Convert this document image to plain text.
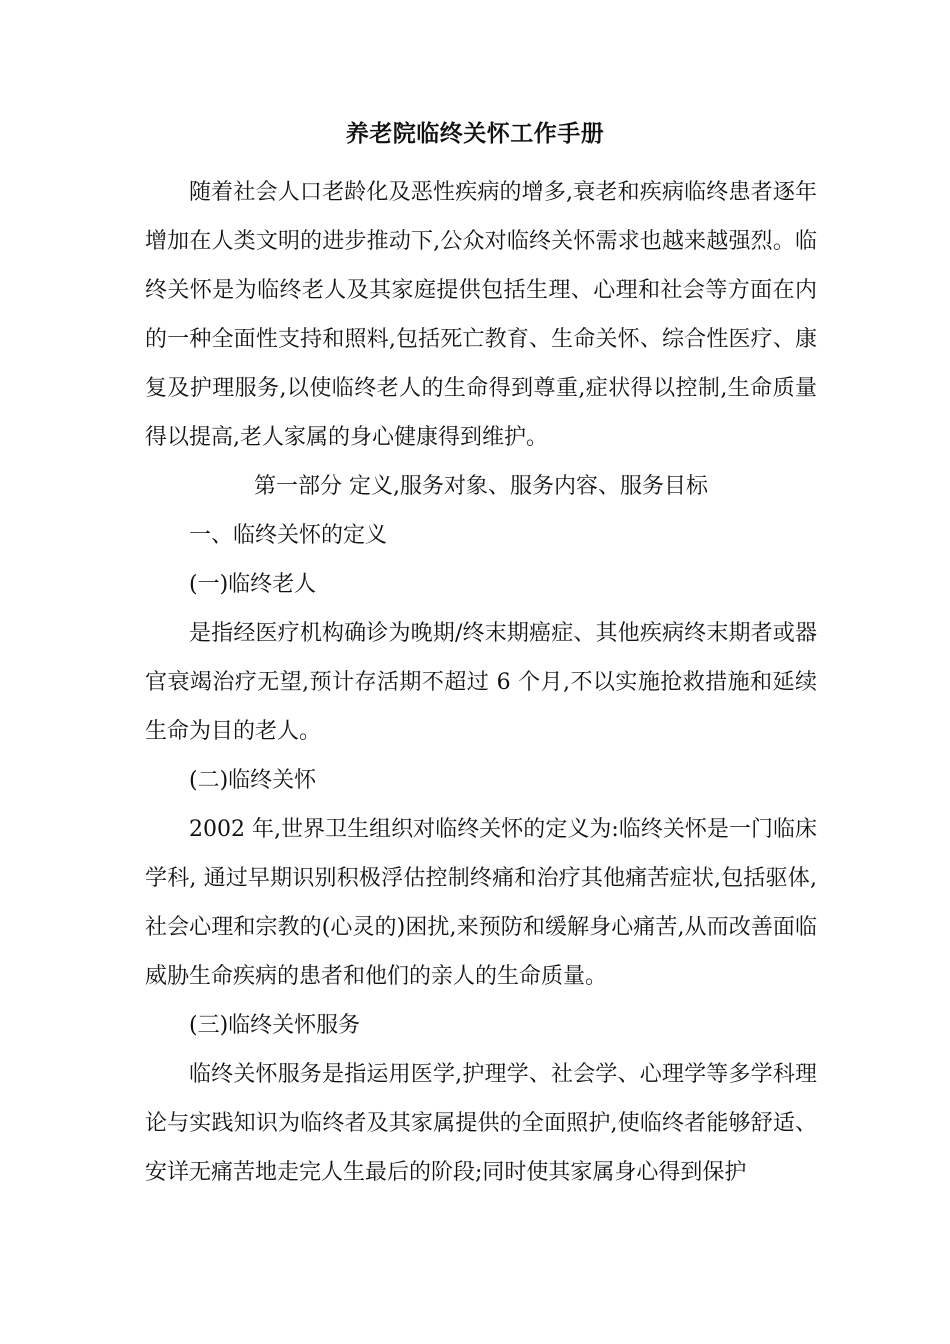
养老院临终关怀工作手册

随着社会人口老龄化及恶性疾病的增多,衰老和疾病临终患者逐年增加在人类文明的进步推动下,公众对临终关怀需求也越来越强烈。临终关怀是为临终老人及其家庭提供包括生理、心理和社会等方面在内的一种全面性支持和照料,包括死亡教育、生命关怀、综合性医疗、康复及护理服务,以使临终老人的生命得到尊重,症状得以控制,生命质量得以提高,老人家属的身心健康得到维护。

第一部分 定义,服务对象、服务内容、服务目标

一、临终关怀的定义

(一)临终老人

是指经医疗机构确诊为晚期/终末期癌症、其他疾病终末期者或器官衰竭治疗无望,预计存活期不超过 6 个月,不以实施抢救措施和延续生命为目的老人。

(二)临终关怀

2002 年,世界卫生组织对临终关怀的定义为:临终关怀是一门临床学科, 通过早期识别积极浮估控制终痛和治疗其他痛苦症状,包括驱体,社会心理和宗教的(心灵的)困扰,来预防和缓解身心痛苦,从而改善面临威胁生命疾病的患者和他们的亲人的生命质量。

(三)临终关怀服务

临终关怀服务是指运用医学,护理学、社会学、心理学等多学科理论与实践知识为临终者及其家属提供的全面照护,使临终者能够舒适、安详无痛苦地走完人生最后的阶段;同时使其家属身心得到保护
